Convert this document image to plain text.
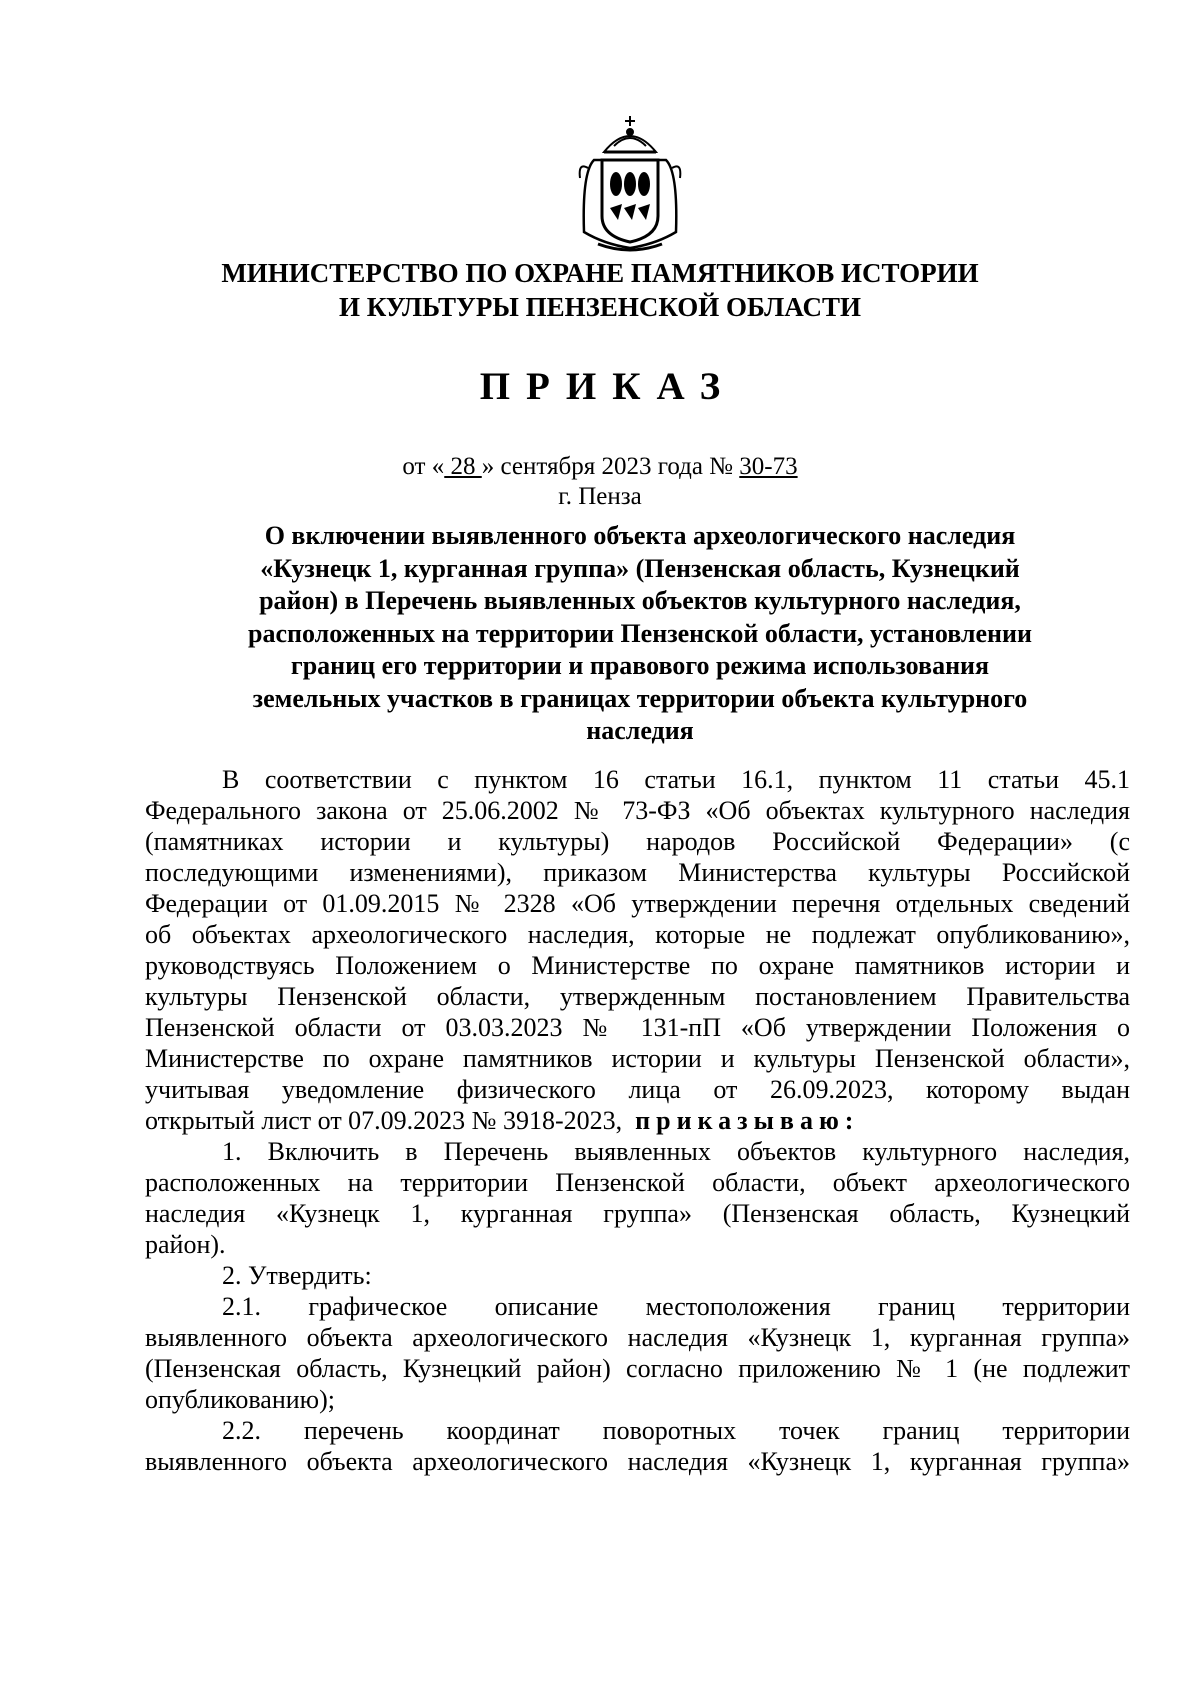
МИНИСТЕРСТВО ПО ОХРАНЕ ПАМЯТНИКОВ ИСТОРИИ
И КУЛЬТУРЫ ПЕНЗЕНСКОЙ ОБЛАСТИ
ПРИКАЗ
от « 28 » сентября 2023 года № 30-73
г. Пенза
О включении выявленного объекта археологического наследия
«Кузнецк 1, курганная группа» (Пензенская область, Кузнецкий
район) в Перечень выявленных объектов культурного наследия,
расположенных на территории Пензенской области, установлении
границ его территории и правового режима использования
земельных участков в границах территории объекта культурного
наследия
В соответствии с пунктом 16 статьи 16.1, пунктом 11 статьи 45.1
Федерального закона от 25.06.2002 № 73-ФЗ «Об объектах культурного наследия
(памятниках истории и культуры) народов Российской Федерации» (с
последующими изменениями), приказом Министерства культуры Российской
Федерации от 01.09.2015 № 2328 «Об утверждении перечня отдельных сведений
об объектах археологического наследия, которые не подлежат опубликованию»,
руководствуясь Положением о Министерстве по охране памятников истории и
культуры Пензенской области, утвержденным постановлением Правительства
Пензенской области от 03.03.2023 № 131-пП «Об утверждении Положения о
Министерстве по охране памятников истории и культуры Пензенской области»,
учитывая уведомление физического лица от 26.09.2023, которому выдан
открытый лист от 07.09.2023 № 3918-2023, приказываю:
1. Включить в Перечень выявленных объектов культурного наследия,
расположенных на территории Пензенской области, объект археологического
наследия «Кузнецк 1, курганная группа» (Пензенская область, Кузнецкий
район).
2. Утвердить:
2.1. графическое описание местоположения границ территории
выявленного объекта археологического наследия «Кузнецк 1, курганная группа»
(Пензенская область, Кузнецкий район) согласно приложению № 1 (не подлежит
опубликованию);
2.2. перечень координат поворотных точек границ территории
выявленного объекта археологического наследия «Кузнецк 1, курганная группа»
